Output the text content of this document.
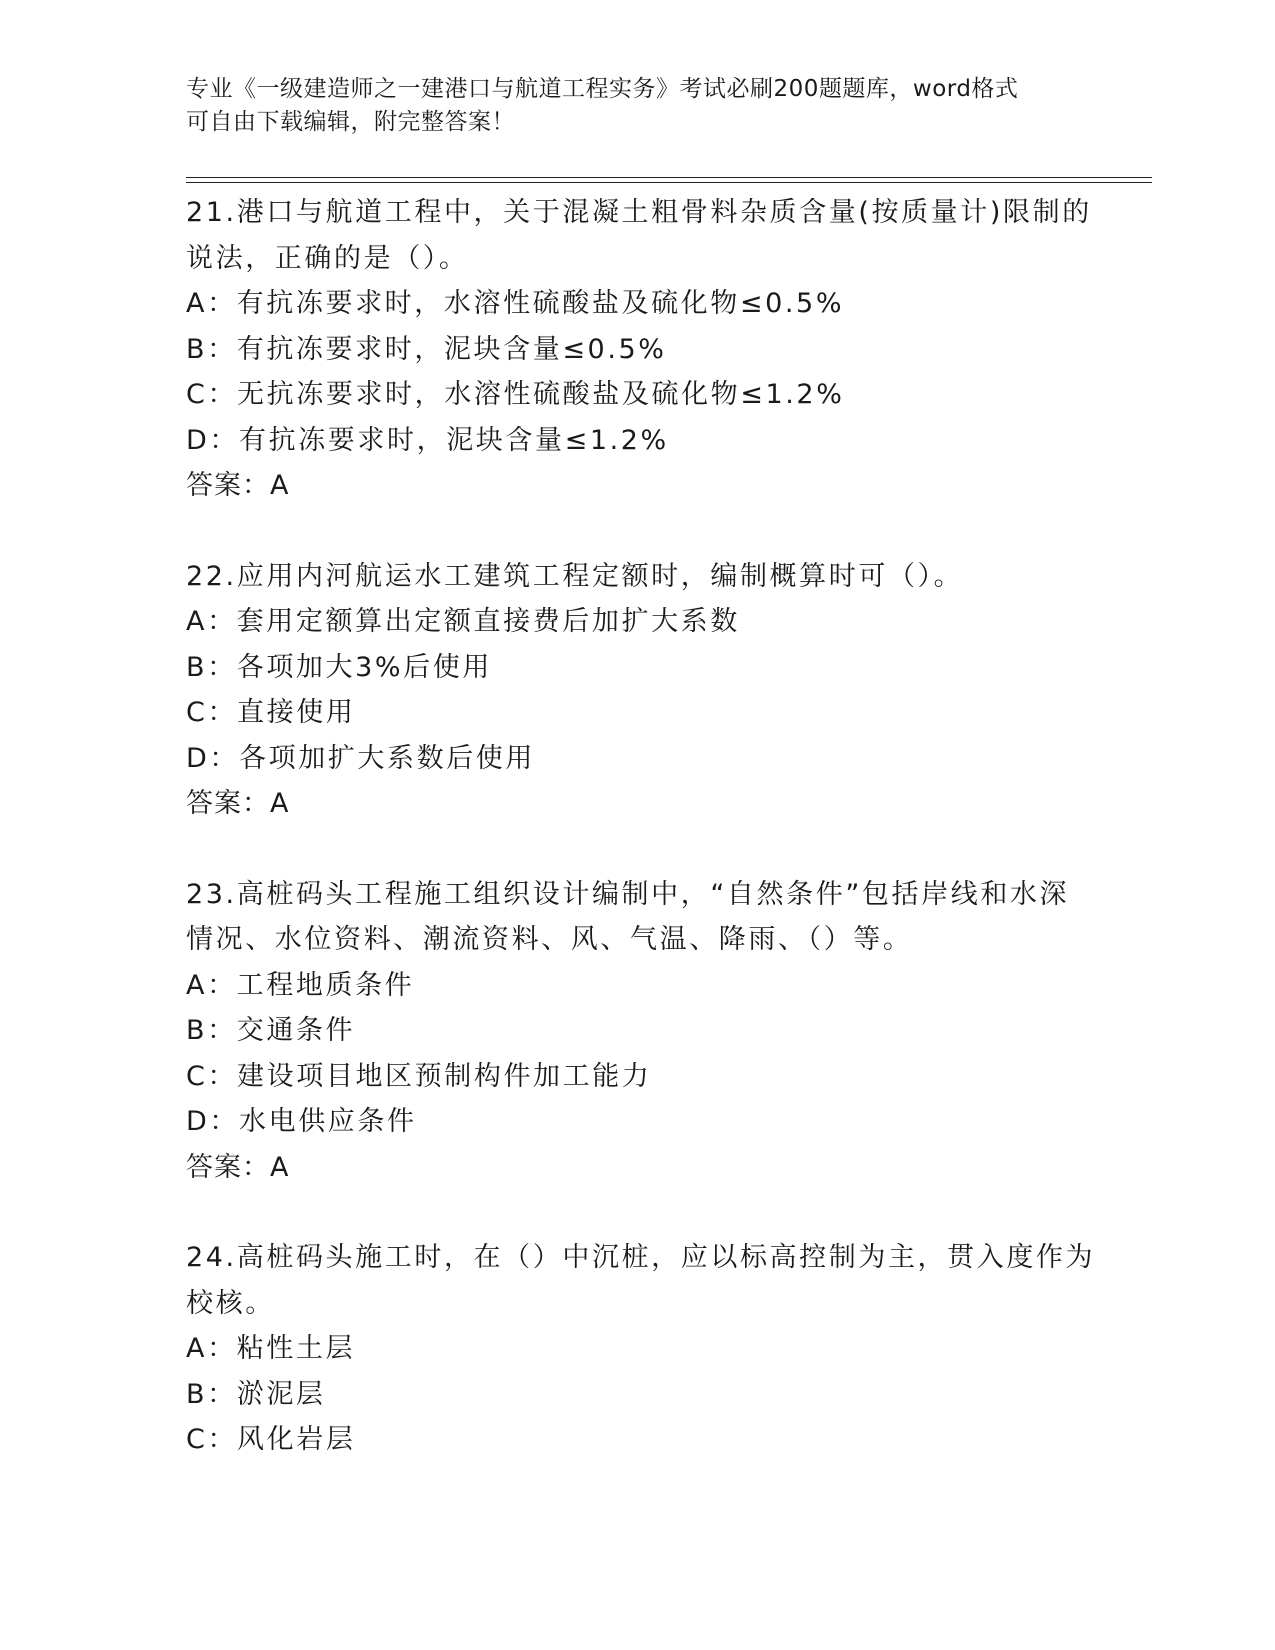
专业《一级建造师之一建港口与航道工程实务》考试必刷200题题库，word格式
可自由下载编辑，附完整答案！
21.港口与航道工程中，关于混凝土粗骨料杂质含量(按质量计)限制的
说法，正确的是（）。
A：有抗冻要求时，水溶性硫酸盐及硫化物≤0.5%
B：有抗冻要求时，泥块含量≤0.5%
C：无抗冻要求时，水溶性硫酸盐及硫化物≤1.2%
D：有抗冻要求时，泥块含量≤1.2%
答案：A
22.应用内河航运水工建筑工程定额时，编制概算时可（）。
A：套用定额算出定额直接费后加扩大系数
B：各项加大3%后使用
C：直接使用
D：各项加扩大系数后使用
答案：A
23.高桩码头工程施工组织设计编制中，“自然条件”包括岸线和水深
情况、水位资料、潮流资料、风、气温、降雨、（）等。
A：工程地质条件
B：交通条件
C：建设项目地区预制构件加工能力
D：水电供应条件
答案：A
24.高桩码头施工时，在（）中沉桩，应以标高控制为主，贯入度作为
校核。
A：粘性土层
B：淤泥层
C：风化岩层
